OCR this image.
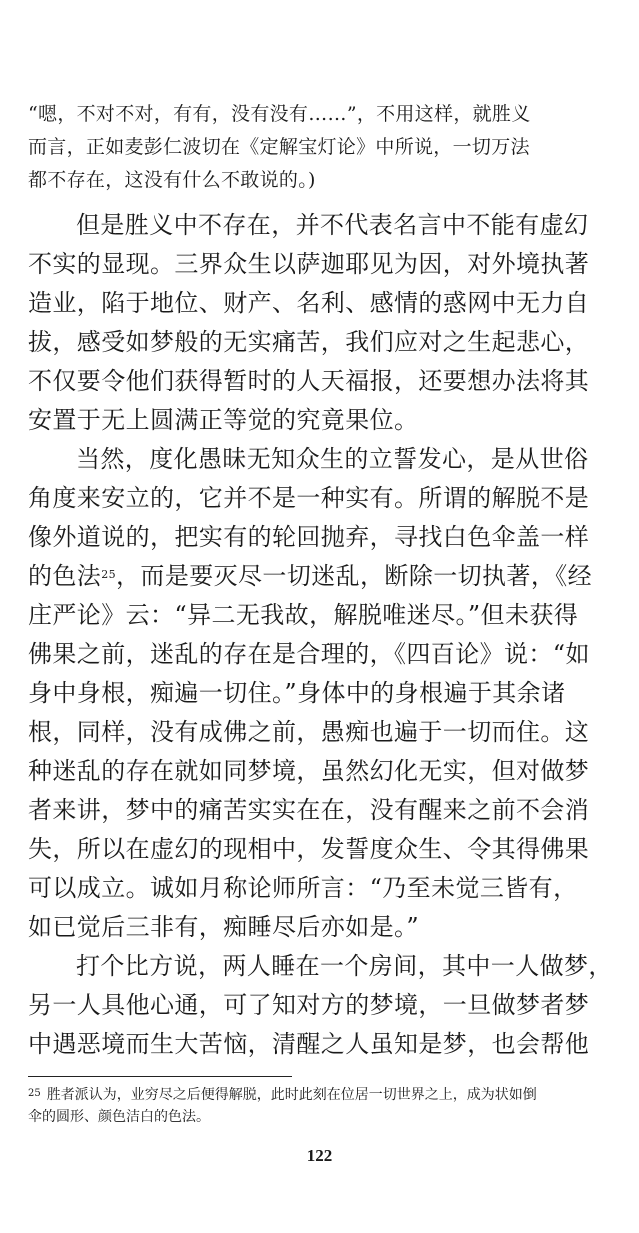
“嗯，不对不对，有有，没有没有……”，不用这样，就胜义

而言，正如麦彭仁波切在《定解宝灯论》中所说，一切万法

都不存在，这没有什么不敢说的。)

但是胜义中不存在，并不代表名言中不能有虚幻

不实的显现。三界众生以萨迦耶见为因，对外境执著

造业，陷于地位、财产、名利、感情的惑网中无力自

拔，感受如梦般的无实痛苦，我们应对之生起悲心，

不仅要令他们获得暂时的人天福报，还要想办法将其

安置于无上圆满正等觉的究竟果位。

当然，度化愚昧无知众生的立誓发心，是从世俗

角度来安立的，它并不是一种实有。所谓的解脱不是

像外道说的，把实有的轮回抛弃，寻找白色伞盖一样

的色法$^{25}$，而是要灭尽一切迷乱，断除一切执著，《经

庄严论》云：“异二无我故，解脱唯迷尽。”但未获得

佛果之前，迷乱的存在是合理的，《四百论》说：“如

身中身根，痴遍一切住。”身体中的身根遍于其余诸

根，同样，没有成佛之前，愚痴也遍于一切而住。这

种迷乱的存在就如同梦境，虽然幻化无实，但对做梦

者来讲，梦中的痛苦实实在在，没有醒来之前不会消

失，所以在虚幻的现相中，发誓度众生、令其得佛果

可以成立。诚如月称论师所言：“乃至未觉三皆有，

如已觉后三非有，痴睡尽后亦如是。”

打个比方说，两人睡在一个房间，其中一人做梦，

另一人具他心通，可了知对方的梦境，一旦做梦者梦

中遇恶境而生大苦恼，清醒之人虽知是梦，也会帮他

$^{25}$ 胜者派认为，业穷尽之后便得解脱，此时此刻在位居一切世界之上，成为状如倒

伞的圆形、颜色洁白的色法。

122
